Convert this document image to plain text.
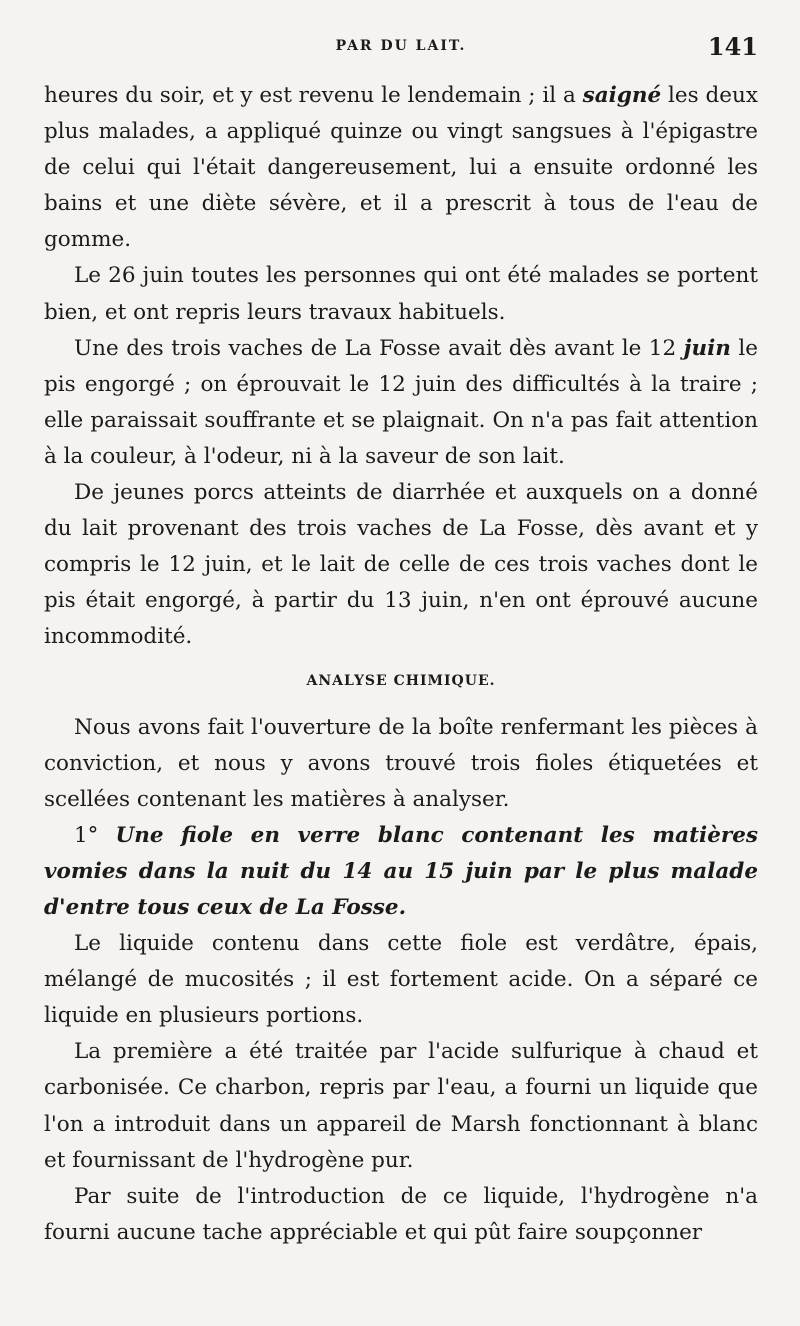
PAR DU LAIT.	141

heures du soir, et y est revenu le lendemain ; il a saigné les deux plus malades, a appliqué quinze ou vingt sangsues à l'épigastre de celui qui l'était dangereusement, lui a ensuite ordonné les bains et une diète sévère, et il a prescrit à tous de l'eau de gomme.

Le 26 juin toutes les personnes qui ont été malades se portent bien, et ont repris leurs travaux habituels.

Une des trois vaches de La Fosse avait dès avant le 12 juin le pis engorgé ; on éprouvait le 12 juin des difficultés à la traire ; elle paraissait souffrante et se plaignait. On n'a pas fait attention à la couleur, à l'odeur, ni à la saveur de son lait.

De jeunes porcs atteints de diarrhée et auxquels on a donné du lait provenant des trois vaches de La Fosse, dès avant et y compris le 12 juin, et le lait de celle de ces trois vaches dont le pis était engorgé, à partir du 13 juin, n'en ont éprouvé aucune incommodité.

ANALYSE CHIMIQUE.

Nous avons fait l'ouverture de la boîte renfermant les pièces à conviction, et nous y avons trouvé trois fioles étiquetées et scellées contenant les matières à analyser.

1° Une fiole en verre blanc contenant les matières vomies dans la nuit du 14 au 15 juin par le plus malade d'entre tous ceux de La Fosse.

Le liquide contenu dans cette fiole est verdâtre, épais, mélangé de mucosités ; il est fortement acide. On a séparé ce liquide en plusieurs portions.

La première a été traitée par l'acide sulfurique à chaud et carbonisée. Ce charbon, repris par l'eau, a fourni un liquide que l'on a introduit dans un appareil de Marsh fonctionnant à blanc et fournissant de l'hydrogène pur.

Par suite de l'introduction de ce liquide, l'hydrogène n'a fourni aucune tache appréciable et qui pût faire soupçonner
